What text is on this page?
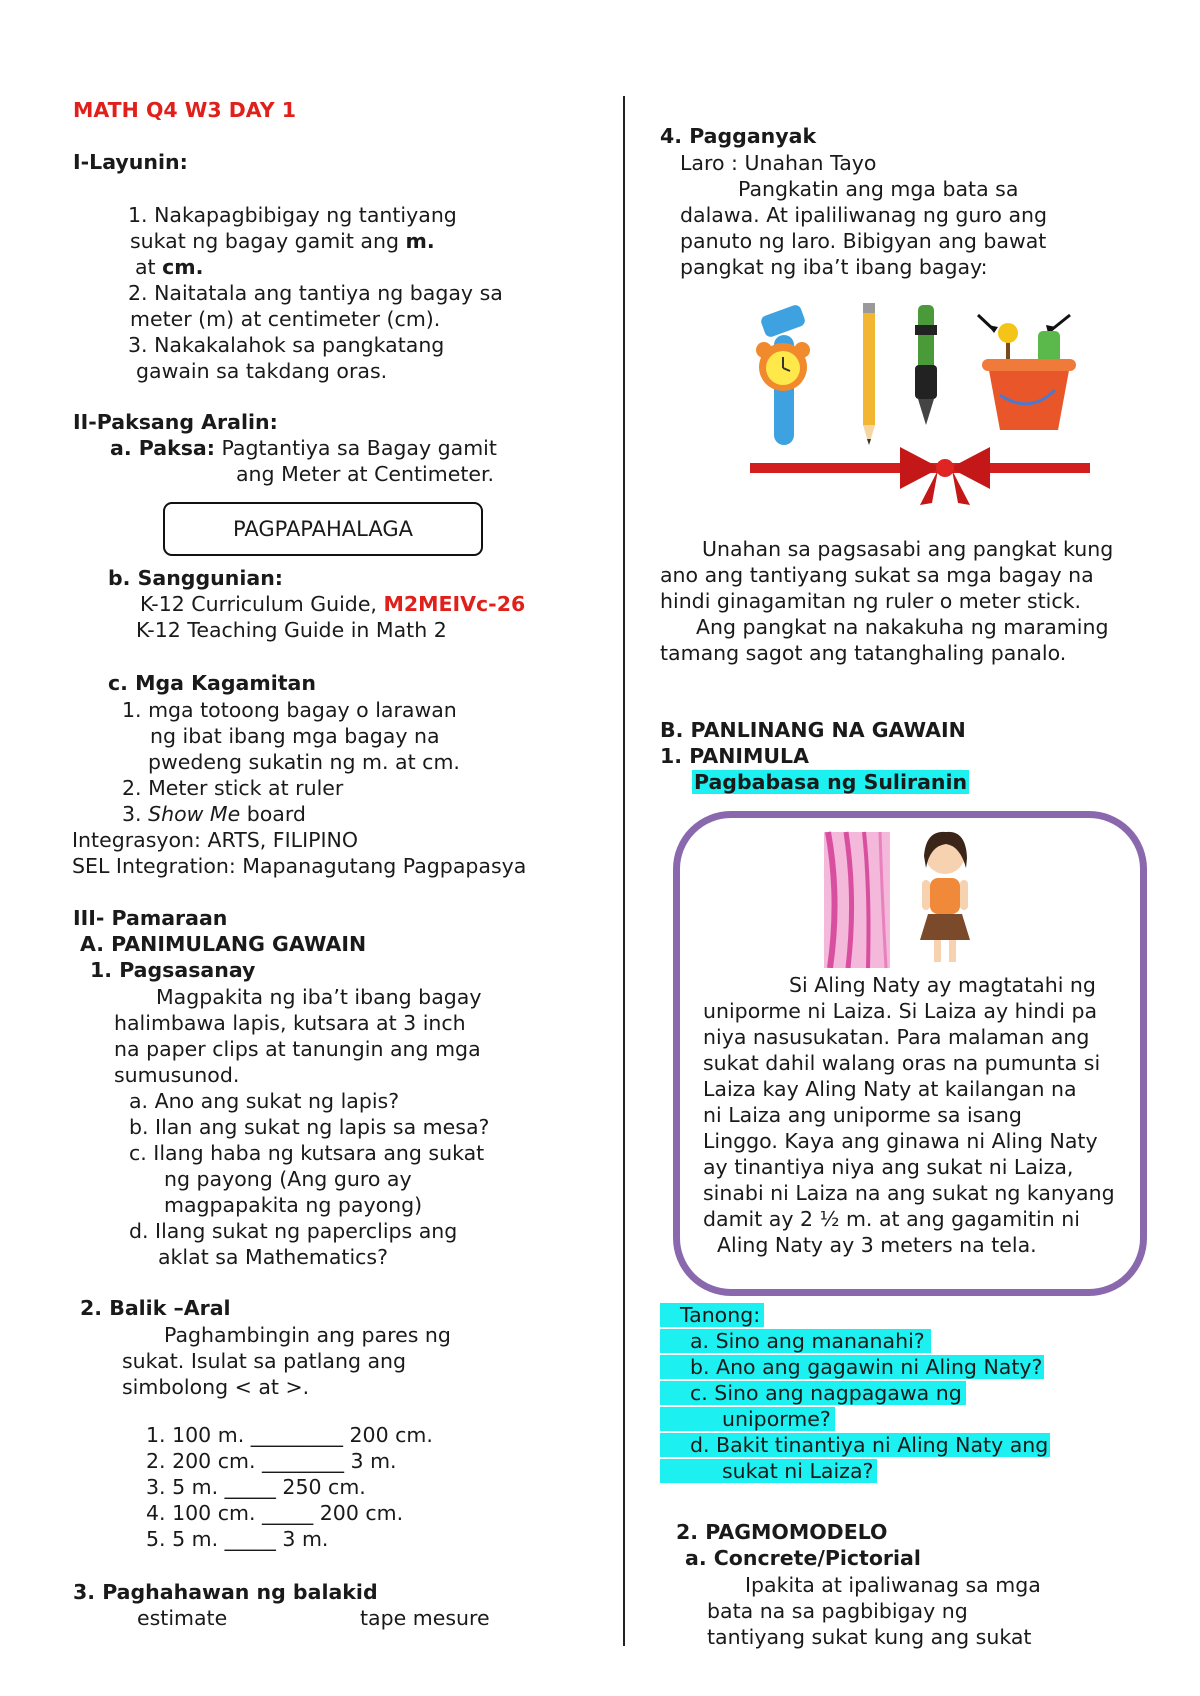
MATH Q4 W3 DAY 1
I-Layunin:
1. Nakapagbibigay ng tantiyang
sukat ng bagay gamit ang m.
at cm.
2. Naitatala ang tantiya ng bagay sa
meter (m) at centimeter (cm).
3. Nakakalahok sa pangkatang
gawain sa takdang oras.
II-Paksang Aralin:
a. Paksa: Pagtantiya sa Bagay gamit
ang Meter at Centimeter.
PAGPAPAHALAGA
b. Sanggunian:
K-12 Curriculum Guide, M2MEIVc-26
K-12 Teaching Guide in Math 2
c. Mga Kagamitan
1. mga totoong bagay o larawan
ng ibat ibang mga bagay na
pwedeng sukatin ng m. at cm.
2. Meter stick at ruler
3. Show Me board
Integrasyon: ARTS, FILIPINO
SEL Integration: Mapanagutang Pagpapasya
III- Pamaraan
A. PANIMULANG GAWAIN
1. Pagsasanay
Magpakita ng iba’t ibang bagay
halimbawa lapis, kutsara at 3 inch
na paper clips at tanungin ang mga
sumusunod.
a. Ano ang sukat ng lapis?
b. Ilan ang sukat ng lapis sa mesa?
c. Ilang haba ng kutsara ang sukat
ng payong (Ang guro ay
magpapakita ng payong)
d. Ilang sukat ng paperclips ang
aklat sa Mathematics?
2. Balik –Aral
Paghambingin ang pares ng
sukat. Isulat sa patlang ang
simbolong < at >.
1. 100 m. _________ 200 cm.
2. 200 cm. ________ 3 m.
3. 5 m. _____ 250 cm.
4. 100 cm. _____ 200 cm.
5. 5 m. _____ 3 m.
3. Paghahawan ng balakid
estimate	tape mesure
4. Pagganyak
Laro : Unahan Tayo
Pangkatin ang mga bata sa
dalawa. At ipaliliwanag ng guro ang
panuto ng laro. Bibigyan ang bawat
pangkat ng iba’t ibang bagay:
Unahan sa pagsasabi ang pangkat kung
ano ang tantiyang sukat sa mga bagay na
hindi ginagamitan ng ruler o meter stick.
Ang pangkat na nakakuha ng maraming
tamang sagot ang tatanghaling panalo.
B. PANLINANG NA GAWAIN
1. PANIMULA
Pagbabasa ng Suliranin
Si Aling Naty ay magtatahi ng
uniporme ni Laiza. Si Laiza ay hindi pa
niya nasusukatan. Para malaman ang
sukat dahil walang oras na pumunta si
Laiza kay Aling Naty at kailangan na
ni Laiza ang uniporme sa isang
Linggo. Kaya ang ginawa ni Aling Naty
ay tinantiya niya ang sukat ni Laiza,
sinabi ni Laiza na ang sukat ng kanyang
damit ay 2 ½ m. at ang gagamitin ni
Aling Naty ay 3 meters na tela.
Tanong:
a. Sino ang mananahi?
b. Ano ang gagawin ni Aling Naty?
c. Sino ang nagpagawa ng
uniporme?
d. Bakit tinantiya ni Aling Naty ang
sukat ni Laiza?
2. PAGMOMODELO
a. Concrete/Pictorial
Ipakita at ipaliwanag sa mga
bata na sa pagbibigay ng
tantiyang sukat kung ang sukat
